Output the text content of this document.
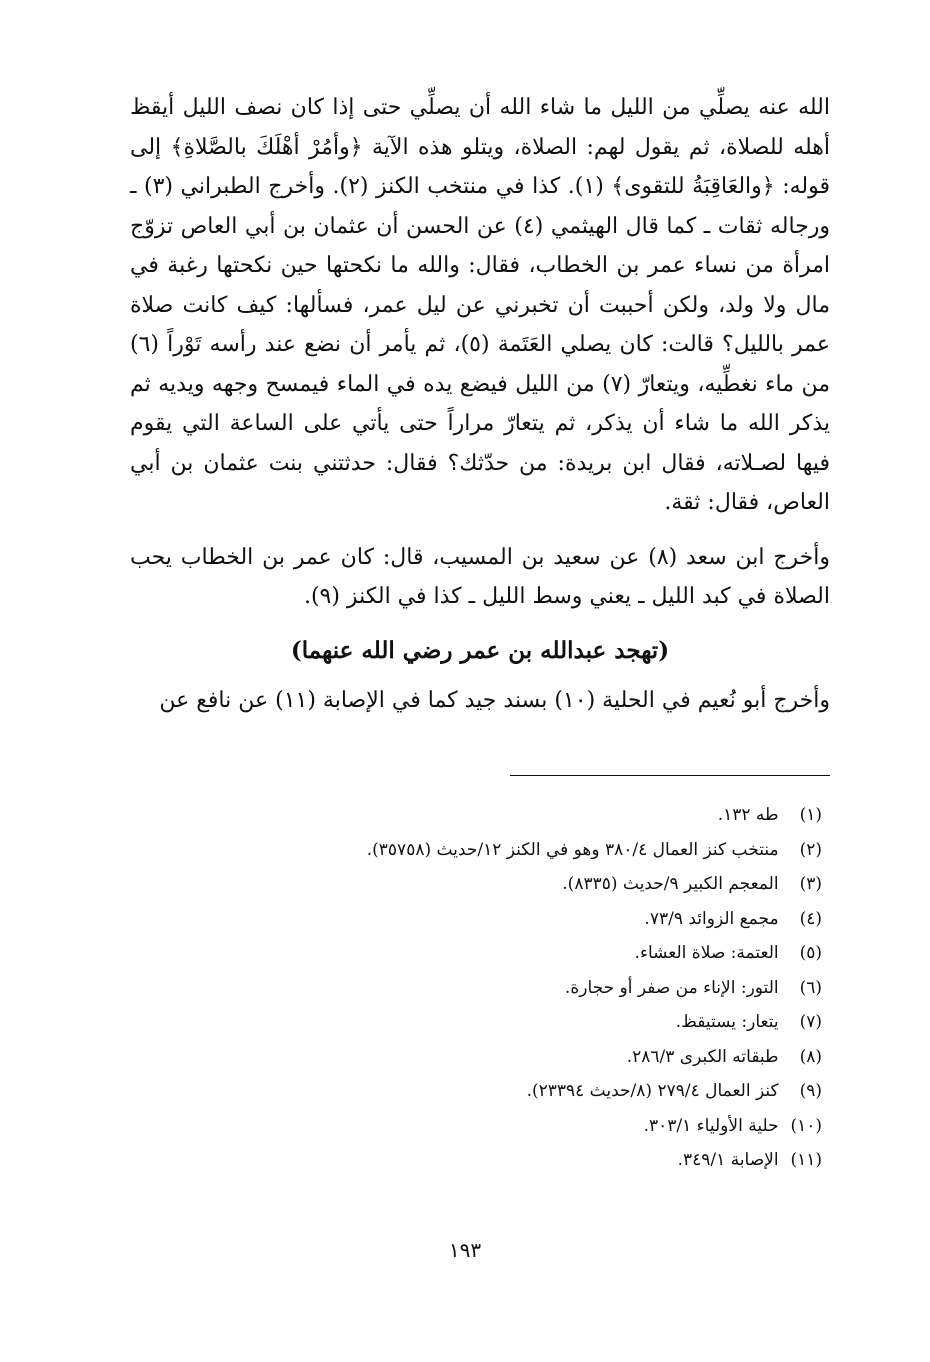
الله عنه يصلِّي من الليل ما شاء الله أن يصلِّي حتى إذا كان نصف الليل أيقظ أهله للصلاة، ثم يقول لهم: الصلاة، ويتلو هذه الآية ﴿وأمُرْ أهْلَكَ بالصَّلاةِ﴾ إلى قوله: ﴿والعَاقِبَةُ للتقوى﴾ (١). كذا في منتخب الكنز (٢). وأخرج الطبراني (٣) ـ ورجاله ثقات ـ كما قال الهيثمي (٤) عن الحسن أن عثمان بن أبي العاص تزوّج امرأة من نساء عمر بن الخطاب، فقال: والله ما نكحتها حين نكحتها رغبة في مال ولا ولد، ولكن أحببت أن تخبرني عن ليل عمر، فسألها: كيف كانت صلاة عمر بالليل؟ قالت: كان يصلي العَتَمة (٥)، ثم يأمر أن نضع عند رأسه تَوْراً (٦) من ماء نغطِّيه، ويتعارّ (٧) من الليل فيضع يده في الماء فيمسح وجهه ويديه ثم يذكر الله ما شاء أن يذكر، ثم يتعارّ مراراً حتى يأتي على الساعة التي يقوم فيها لصـلاته، فقال ابن بريدة: من حدّثك؟ فقال: حدثتني بنت عثمان بن أبي العاص، فقال: ثقة.

وأخرج ابن سعد (٨) عن سعيد بن المسيب، قال: كان عمر بن الخطاب يحب الصلاة في كبد الليل ـ يعني وسط الليل ـ كذا في الكنز (٩).

(تهجد عبدالله بن عمر رضي الله عنهما)

وأخرج أبو نُعيم في الحلية (١٠) بسند جيد كما في الإصابة (١١) عن نافع عن

(١) طه ١٣٢.
(٢) منتخب كنز العمال ٣٨٠/٤ وهو في الكنز ١٢/حديث (٣٥٧٥٨).
(٣) المعجم الكبير ٩/حديث (٨٣٣٥).
(٤) مجمع الزوائد ٧٣/٩.
(٥) العتمة: صلاة العشاء.
(٦) التور: الإناء من صفر أو حجارة.
(٧) يتعار: يستيقظ.
(٨) طبقاته الكبرى ٢٨٦/٣.
(٩) كنز العمال ٢٧٩/٤ (٨/حديث ٢٣٣٩٤).
(١٠) حلية الأولياء ٣٠٣/١.
(١١) الإصابة ٣٤٩/١.
١٩٣
